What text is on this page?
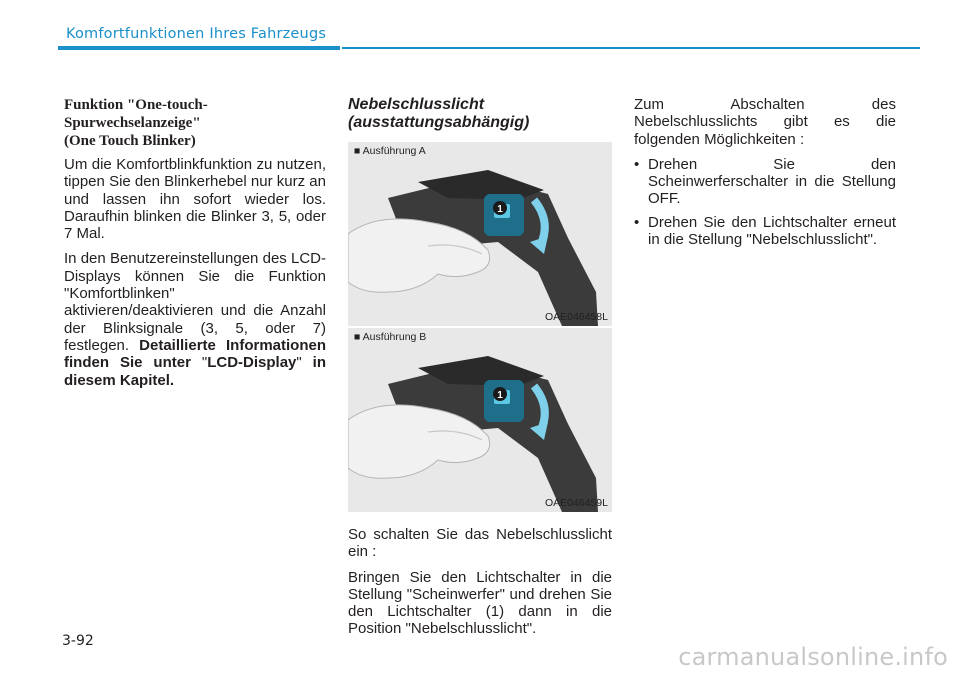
Komfortfunktionen Ihres Fahrzeugs
Funktion "One-touch-
Spurwechselanzeige"
(One Touch Blinker)

Um die Komfortblinkfunktion zu nutzen, tippen Sie den Blinkerhebel nur kurz an und lassen ihn sofort wieder los. Daraufhin blinken die Blinker 3, 5, oder 7 Mal.

In den Benutzereinstellungen des LCD-Displays können Sie die Funktion "Komfortblinken" aktivieren/deaktivieren und die Anzahl der Blinksignale (3, 5, oder 7) festlegen. Detaillierte Informationen finden Sie unter "LCD-Display" in diesem Kapitel.

Nebelschlusslicht
(ausstattungsabhängig)
1
■ Ausführung A
OAE046458L
1
■ Ausführung B
OAE046459L

So schalten Sie das Nebelschlusslicht ein :

Bringen Sie den Lichtschalter in die Stellung "Scheinwerfer" und drehen Sie den Lichtschalter (1) dann in die Position "Nebelschlusslicht".

Zum Abschalten des Nebelschlusslichts gibt es die folgenden Möglichkeiten :

• Drehen Sie den Scheinwerferschalter in die Stellung OFF.
• Drehen Sie den Lichtschalter erneut in die Stellung "Nebelschlusslicht".
3-92
carmanualsonline.info
